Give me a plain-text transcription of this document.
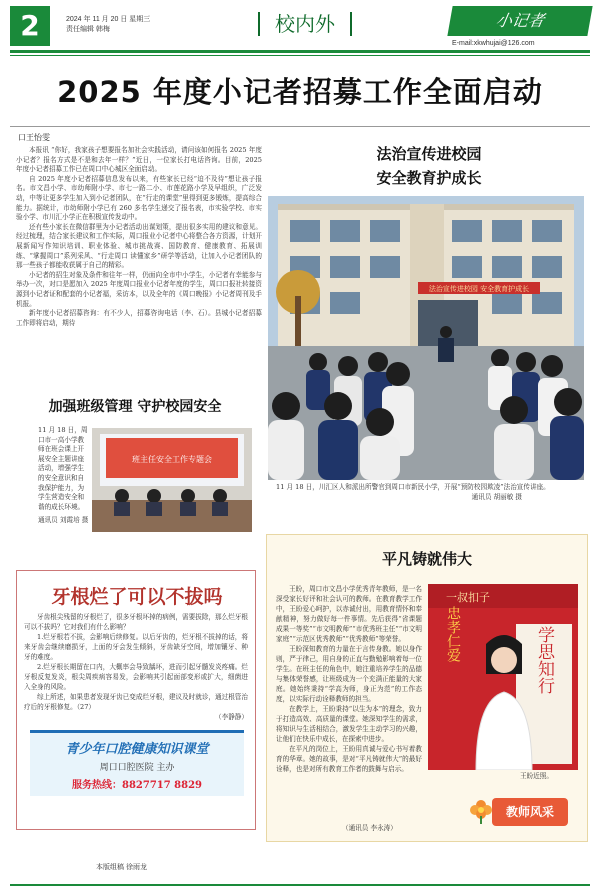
2	2024 年 11 月 20 日 星期三
责任编辑 韩梅	校内外	小记者
E-mail:xkwhujai@126.com
2025 年度小记者招募工作全面启动
口王怡雯

本报讯 “你好，我家孩子想要报名加社会实践活动，请问该如何报名 2025 年度小记者？报名方式是不是和去年一样？”近日，一位家长打电话咨询。目前，2025 年度小记者招募工作已在周口中心城区全面启动。

自 2025 年度小记者招募信息发布以来，有些家长已经“迫不及待”想让孩子报名。市文昌小学、市幼师附小学、市七一路二小、市莲花路小学及早组织，广泛发动，中等让更多学生加入到小记者团队，在“行走的课堂”里得到更多锻炼，提高综合能力。据统计，市幼师附小学已有 260 多名学生递交了报名表，市实验学校、市实验小学、市川汇小学正在积极宣传发动中。

还有些小家长在微信群里为小记者活动出谋划策，提出很多实用的建议和意见。经过梳理，结合家长建议和工作实际，周口报业小记者中心将整合各方资源，计划开展新闻写作知识培训、职业体验、城市挑战赛、国防教育、健康教育、拓展训练、“掌握周口”系列采风、“行走周口 读懂家乡”研学等活动，让加入小记者团队的那一些孩子都能收获属于自己的精彩。

小记者的招生对象及条件和往年一样，仍面向全市中小学生，小记者有幸能参与举办一次，对口是愿加入 2025 年度周口报业小记者年度的学生，周口口报社转接资源到小记者证和配套的小记者福，采访本，以及全年的《周口晚报》小记者周刊及手机报。

新年度小记者招募咨询：有不少人，招募咨询电话（李、石）。县城小记者招募工作即将启动，期待

法治宣传进校园
安全教育护成长
法治宣传进校园 安全教育护成长
11 月 18 日，川汇区人和派出所警官到周口市新民小学，开展“预防校园欺凌”法治宣传讲座。
通讯员 胡丽敏 摄
加强班级管理 守护校园安全
11 月 18 日，周口市一高小学教师在班会课上开展安全主题讲座活动，增强学生的安全意识和自我保护能力，为学生营造安全和谐的成长环境。
通讯员 刘霞培 摄
班主任安全工作专题会
牙根烂了可以不拔吗

牙齿根尖残留的牙根烂了，很多牙根坏掉的病例，需要拔除，那么烂牙根可以不拔吗？它对我们有什么影响？

1.烂牙根若不拔，会影响后续修复。以后牙齿的，烂牙根不拔掉的话，将来牙齿会继续磨损牙，上面的牙会发生倾斜，牙齿缺牙空间，增加镶牙、种牙的难度。

2.烂牙根长期留在口内，大概率会导致龋坏，进而引起牙髓发炎疼痛。烂牙根反复发炎，根尖周疾病容易发，会影响其引起面部变形或扩大，细菌进入全身的风险。

综上所述，如果患者发现牙齿已变成烂牙根，建议及时就诊，通过根管治疗后的牙根修复。（27）

（李静静）
青少年口腔健康知识课堂
周口口腔医院 主办
服务热线：8827717 8829
本版组稿 徐雨龙
平凡铸就伟大

王盼，周口市文昌小学优秀青年教师，是一名深受家长好评和社会认可的教师。在教育教学工作中，王盼爱心呵护，以赤诚付出，用教育情怀和奉献精神，努力做好每一件事情。先后获得“省课题成果一等奖”“市文明教师”“市优秀班主任”“市文明家庭”“示范区优秀教师”“优秀教师”等荣誉。

王盼深知教育的力量在于言传身教。她以身作则，严于律己，用自身的正直与勤勉影响着每一位学生。在班主任的角色中，她注重培养学生的品德与集体荣誉感，让班级成为一个充满正能量的大家庭。她始终秉持“学高为师，身正为范”的工作态度，以实际行动诠释教师的担当。

在教学上，王盼秉持“以生为本”的理念，致力于打造高效、高质量的课堂。她深知学生的需求，将知识与生活相结合，激发学生主动学习的兴趣，让他们在快乐中成长，在探索中进步。

在平凡的岗位上，王盼用真诚与爱心书写着教育的华章。她的故事，是对“平凡铸就伟大”的最好诠释，也是对所有教育工作者的鼓舞与启示。

一叔扣子
学思知行
忠孝仁爱
王盼近照。
（通讯员 李永涛）
教师风采
